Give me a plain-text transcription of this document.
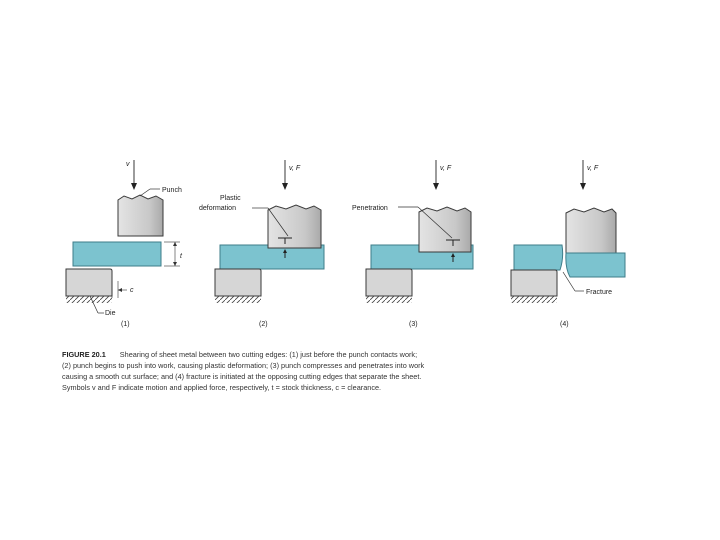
v
Punch
t
c
Die
(1)
v, F
Plastic
deformation
(2)
v, F
Penetration
(3)
v, F
Fracture
(4)

FIGURE 20.1 Shearing of sheet metal between two cutting edges: (1) just before the punch contacts work;

(2) punch begins to push into work, causing plastic deformation; (3) punch compresses and penetrates into work

causing a smooth cut surface; and (4) fracture is initiated at the opposing cutting edges that separate the sheet.

Symbols v and F indicate motion and applied force, respectively, t = stock thickness, c = clearance.
